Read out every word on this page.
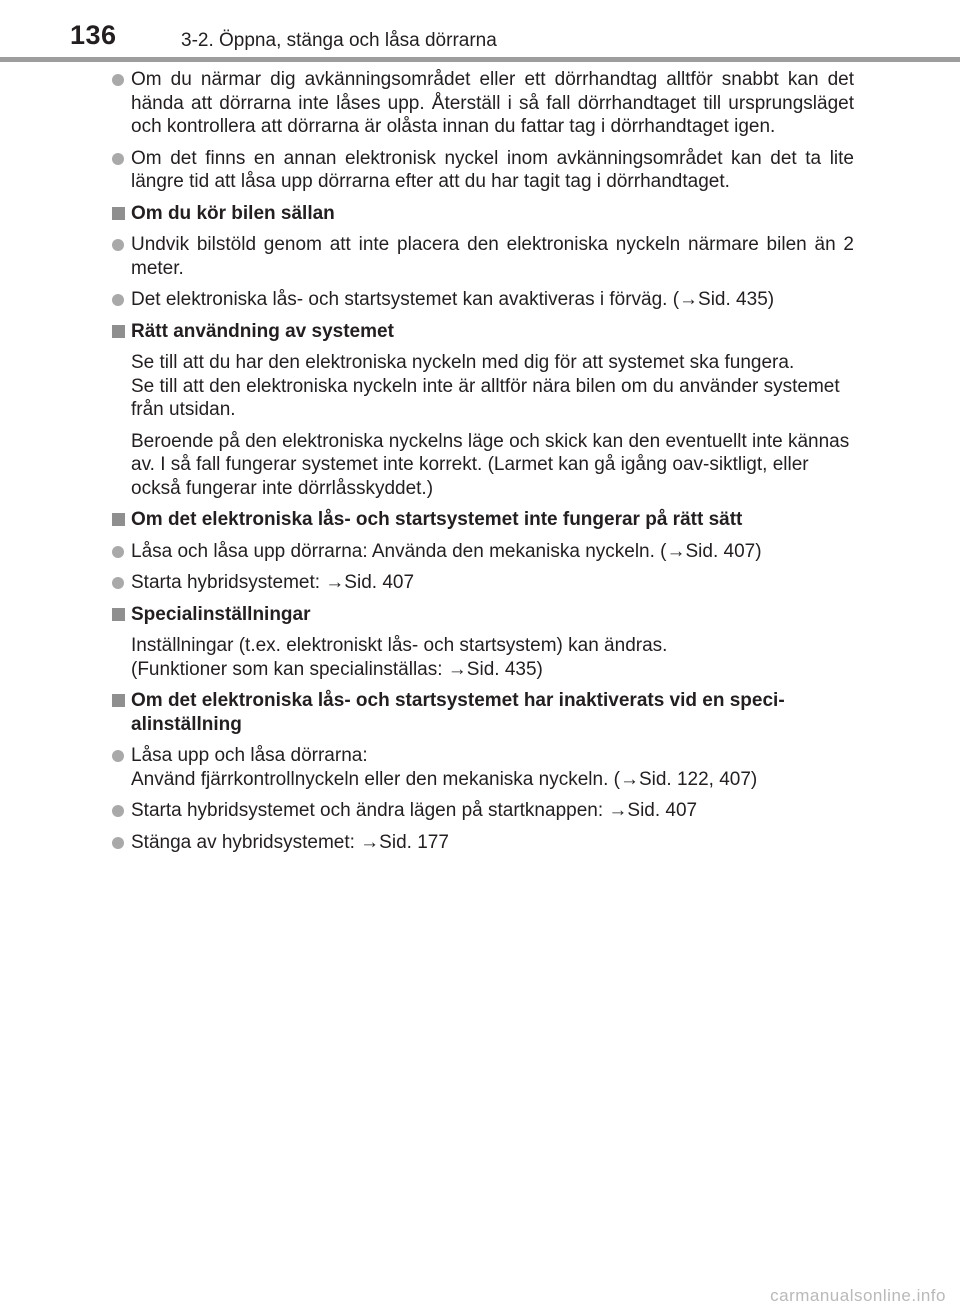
136	3-2. Öppna, stänga och låsa dörrarna
Om du närmar dig avkänningsområdet eller ett dörrhandtag alltför snabbt kan det hända att dörrarna inte låses upp. Återställ i så fall dörrhandtaget till ursprungsläget och kontrollera att dörrarna är olåsta innan du fattar tag i dörrhandtaget igen.
Om det finns en annan elektronisk nyckel inom avkänningsområdet kan det ta lite längre tid att låsa upp dörrarna efter att du har tagit tag i dörrhandtaget.
Om du kör bilen sällan
Undvik bilstöld genom att inte placera den elektroniska nyckeln närmare bilen än 2 meter.
Det elektroniska lås- och startsystemet kan avaktiveras i förväg. (→Sid. 435)
Rätt användning av systemet
Se till att du har den elektroniska nyckeln med dig för att systemet ska fungera.
Se till att den elektroniska nyckeln inte är alltför nära bilen om du använder systemet från utsidan.
Beroende på den elektroniska nyckelns läge och skick kan den eventuellt inte kännas av. I så fall fungerar systemet inte korrekt. (Larmet kan gå igång oav-siktligt, eller också fungerar inte dörrlåsskyddet.)
Om det elektroniska lås- och startsystemet inte fungerar på rätt sätt
Låsa och låsa upp dörrarna: Använda den mekaniska nyckeln. (→Sid. 407)
Starta hybridsystemet: →Sid. 407
Specialinställningar
Inställningar (t.ex. elektroniskt lås- och startsystem) kan ändras.
(Funktioner som kan specialinställas: →Sid. 435)
Om det elektroniska lås- och startsystemet har inaktiverats vid en speci-alinställning
Låsa upp och låsa dörrarna:
Använd fjärrkontrollnyckeln eller den mekaniska nyckeln. (→Sid. 122, 407)
Starta hybridsystemet och ändra lägen på startknappen: →Sid. 407
Stänga av hybridsystemet: →Sid. 177
carmanualsonline.info
